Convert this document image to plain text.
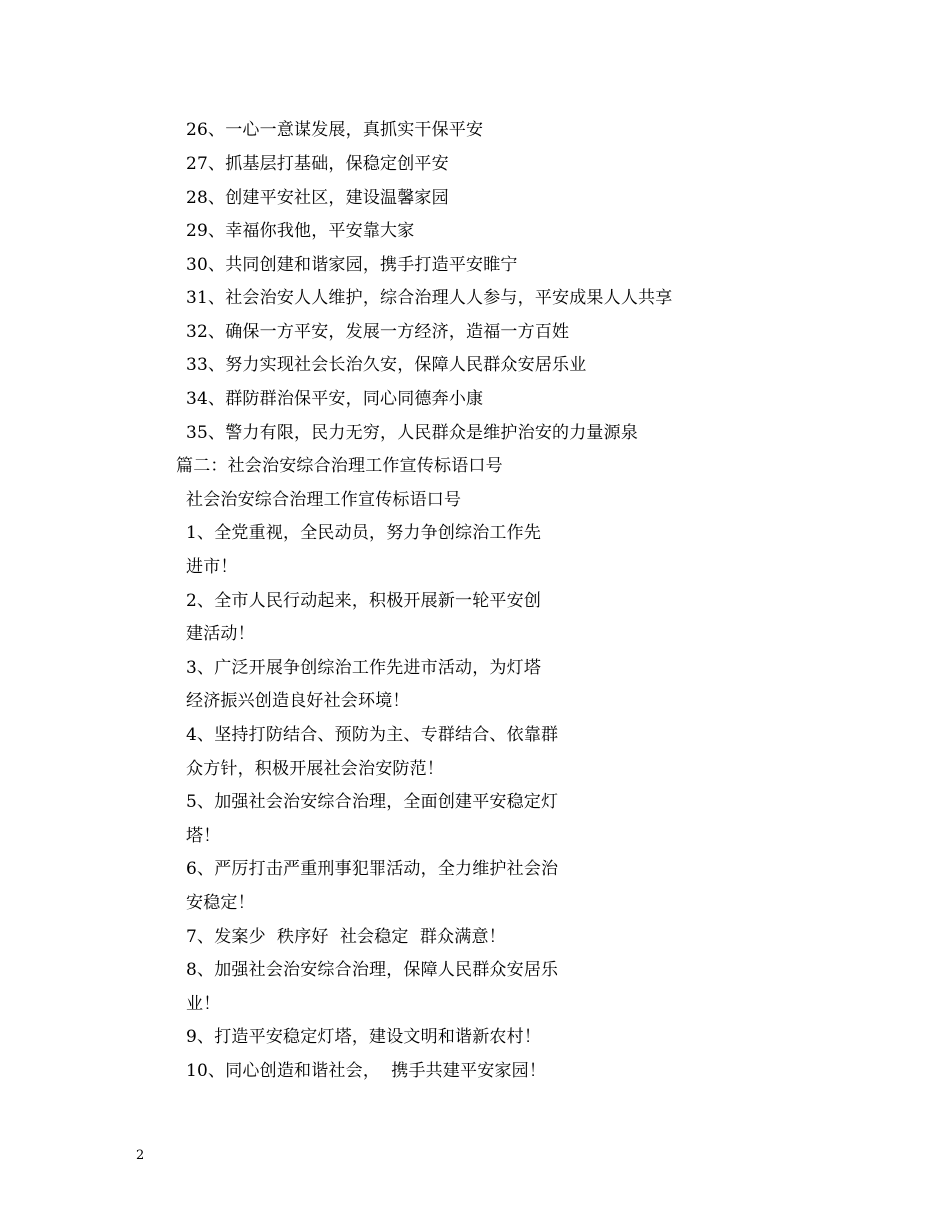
26、一心一意谋发展，真抓实干保平安
27、抓基层打基础，保稳定创平安
28、创建平安社区，建设温馨家园
29、幸福你我他，平安靠大家
30、共同创建和谐家园，携手打造平安睢宁
31、社会治安人人维护，综合治理人人参与，平安成果人人共享
32、确保一方平安，发展一方经济，造福一方百姓
33、努力实现社会长治久安，保障人民群众安居乐业
34、群防群治保平安，同心同德奔小康
35、警力有限，民力无穷，人民群众是维护治安的力量源泉
篇二：社会治安综合治理工作宣传标语口号
社会治安综合治理工作宣传标语口号
1、全党重视，全民动员，努力争创综治工作先
进市！
2、全市人民行动起来，积极开展新一轮平安创
建活动！
3、广泛开展争创综治工作先进市活动，为灯塔
经济振兴创造良好社会环境！
4、坚持打防结合、预防为主、专群结合、依靠群
众方针，积极开展社会治安防范！
5、加强社会治安综合治理，全面创建平安稳定灯
塔！
6、严厉打击严重刑事犯罪活动，全力维护社会治
安稳定！
7、发案少  秩序好  社会稳定  群众满意！
8、加强社会治安综合治理，保障人民群众安居乐
业！
9、打造平安稳定灯塔，建设文明和谐新农村！
10、同心创造和谐社会，  携手共建平安家园！
2
